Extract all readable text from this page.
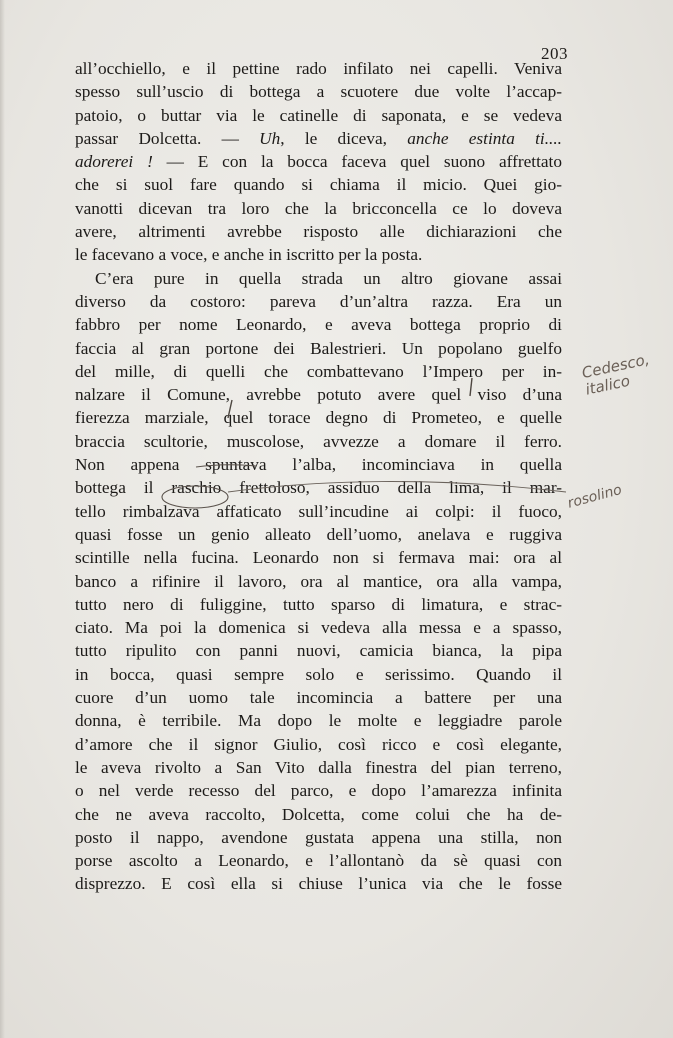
203
all’occhiello, e il pettine rado infilato nei capelli. Veniva
spesso sull’uscio di bottega a scuotere due volte l’accap-
patoio, o buttar via le catinelle di saponata, e se vedeva
passar Dolcetta. — Uh, le diceva, anche estinta ti....
adorerei ! — E con la bocca faceva quel suono affrettato
che si suol fare quando si chiama il micio. Quei gio-
vanotti dicevan tra loro che la bricconcella ce lo doveva
avere, altrimenti avrebbe risposto alle dichiarazioni che
le facevano a voce, e anche in iscritto per la posta.
C’era pure in quella strada un altro giovane assai
diverso da costoro: pareva d’un’altra razza. Era un
fabbro per nome Leonardo, e aveva bottega proprio di
faccia al gran portone dei Balestrieri. Un popolano guelfo
del mille, di quelli che combattevano l’Impero per in-
nalzare il Comune, avrebbe potuto avere quel viso d’una
fierezza marziale, quel torace degno di Prometeo, e quelle
braccia scultorie, muscolose, avvezze a domare il ferro.
Non appena spuntava l’alba, incominciava in quella
bottega il raschio frettoloso, assiduo della lima, il mar-
tello rimbalzava affaticato sull’incudine ai colpi: il fuoco,
quasi fosse un genio alleato dell’uomo, anelava e ruggiva
scintille nella fucina. Leonardo non si fermava mai: ora al
banco a rifinire il lavoro, ora al mantice, ora alla vampa,
tutto nero di fuliggine, tutto sparso di limatura, e strac-
ciato. Ma poi la domenica si vedeva alla messa e a spasso,
tutto ripulito con panni nuovi, camicia bianca, la pipa
in bocca, quasi sempre solo e serissimo. Quando il
cuore d’un uomo tale incomincia a battere per una
donna, è terribile. Ma dopo le molte e leggiadre parole
d’amore che il signor Giulio, così ricco e così elegante,
le aveva rivolto a San Vito dalla finestra del pian terreno,
o nel verde recesso del parco, e dopo l’amarezza infinita
che ne aveva raccolto, Dolcetta, come colui che ha de-
posto il nappo, avendone gustata appena una stilla, non
porse ascolto a Leonardo, e l’allontanò da sè quasi con
disprezzo. E così ella si chiuse l’unica via che le fosse
Cedesco, italico
rosolino
